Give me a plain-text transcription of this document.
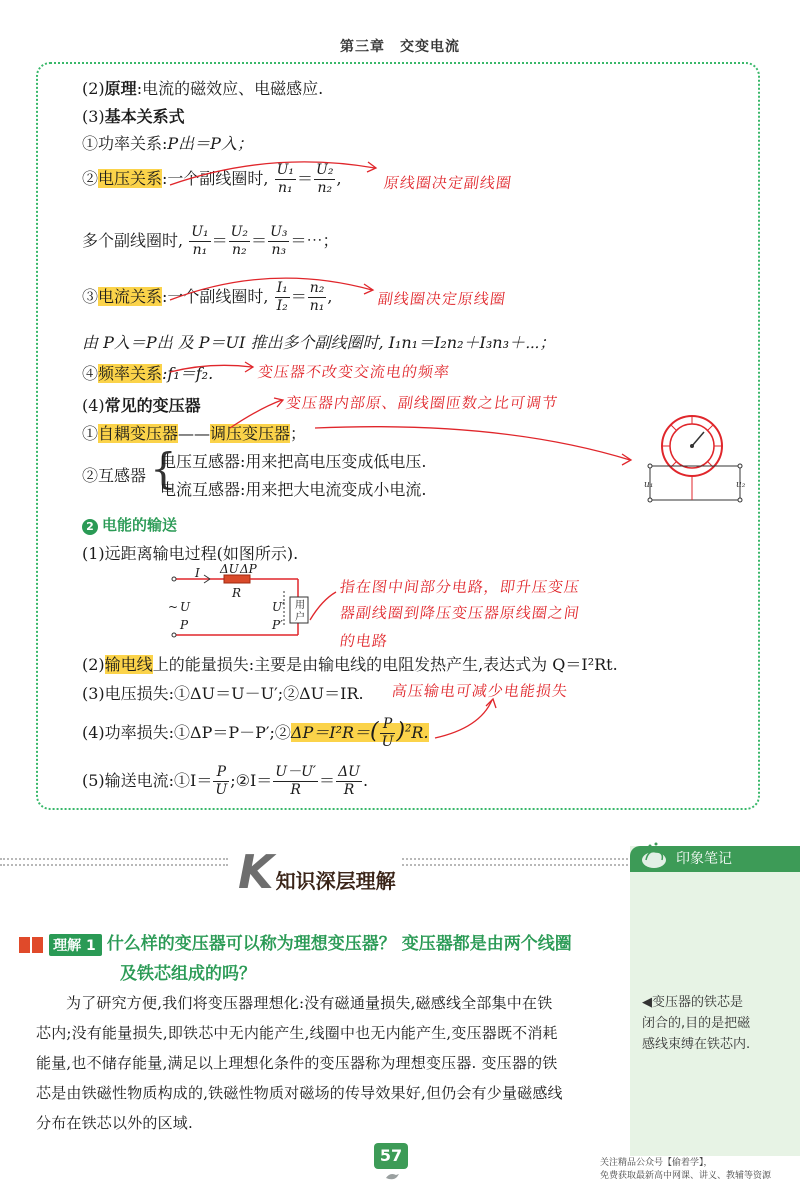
第三章　交变电流
(2)原理:电流的磁效应、电磁感应.
(3)基本关系式
①功率关系:P出＝P入；
②电压关系:一个副线圈时, $\frac{\text{U₁}}{\text{n₁}} = \frac{\text{U₂}}{\text{n₂}}$ ,	原线圈决定副线圈
多个副线圈时, $\frac{\text{U₁}}{\text{n₁}} = \frac{\text{U₂}}{\text{n₂}} = \frac{\text{U₃}}{\text{n₃}}$ ＝⋯；
③电流关系:一个副线圈时, $\frac{\text{I₁}}{\text{I₂}} = \frac{\text{n₂}}{\text{n₁}}$ ,	副线圈决定原线圈
由 P入＝P出 及 P＝UI 推出多个副线圈时, I₁n₁＝I₂n₂＋I₃n₃＋⋯；
④频率关系:f₁＝f₂.	变压器不改变交流电的频率
(4)常见的变压器	变压器内部原、副线圈匝数之比可调节
①自耦变压器——调压变压器；
②互感器 {
电压互感器:用来把高电压变成低电压.
电流互感器:用来把大电流变成小电流.	u₁	u₂
2 电能的输送
(1)远距离输电过程(如图所示).
I ΔU ΔP
R
~ U
P
U′
P′
用户
指在图中间部分电路，即升压变压
器副线圈到降压变压器原线圈之间
的电路
(2)输电线上的能量损失:主要是由输电线的电阻发热产生,表达式为 Q＝I²Rt.
(3)电压损失:①ΔU＝U－U′;②ΔU＝IR. 高压输电可减少电能损失
(4)功率损失:①ΔP＝P－P′;②ΔP＝I²R＝( $\frac{P}{U} )^2R$.
(5)输送电流:①I＝ $\frac{P}{U}$ ;②I＝ $\frac{U-U'}{R} = \frac{\Delta U}{R}$ .
K知识深层理解
印象笔记
◀变压器的铁芯是
闭合的,目的是把磁
感线束缚在铁芯内.
理解 1 什么样的变压器可以称为理想变压器？ 变压器都是由两个线圈
及铁芯组成的吗？
为了研究方便,我们将变压器理想化:没有磁通量损失,磁感线全部集中在铁
芯内;没有能量损失,即铁芯中无内能产生,线圈中也无内能产生,变压器既不消耗
能量,也不储存能量,满足以上理想化条件的变压器称为理想变压器. 变压器的铁
芯是由铁磁性物质构成的,铁磁性物质对磁场的传导效果好,但仍会有少量磁感线
分布在铁芯以外的区域.
57	关注精品公众号【偷着学】，
免费获取最新高中网课、讲义、教辅等资源
